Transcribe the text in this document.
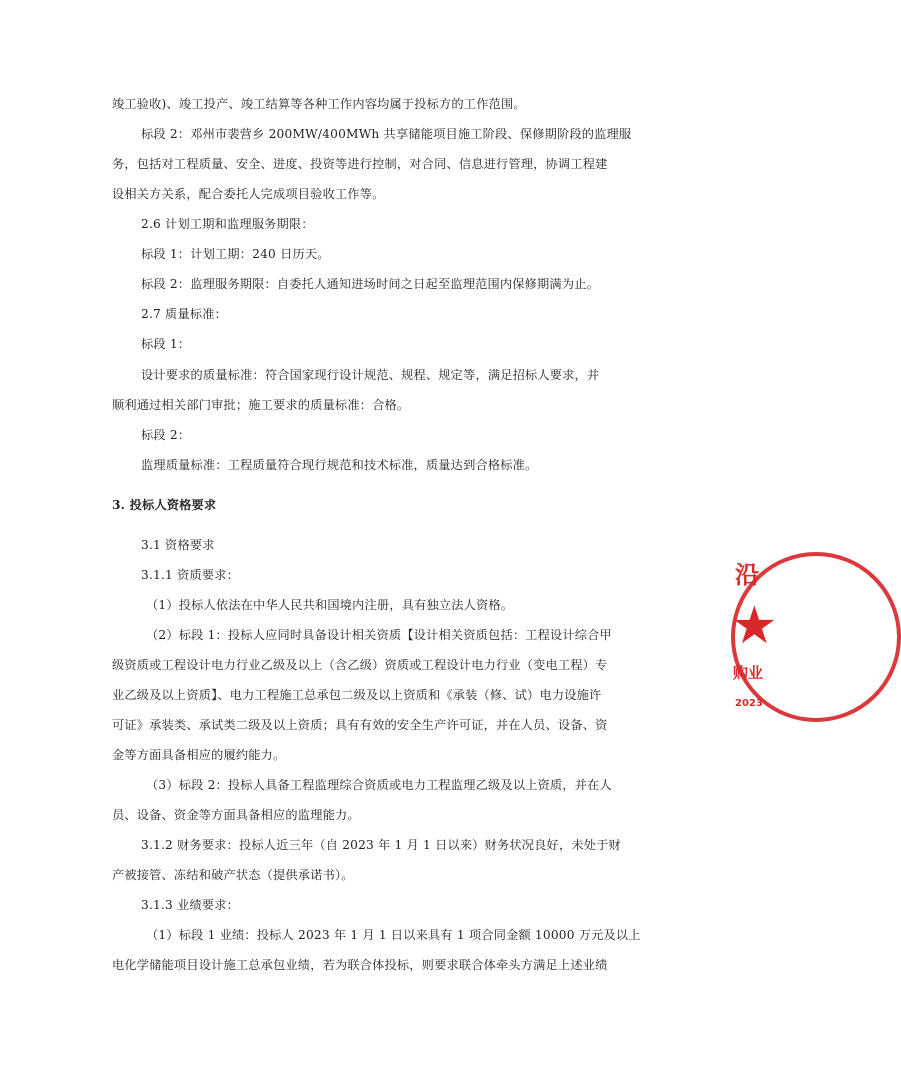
竣工验收)、竣工投产、竣工结算等各种工作内容均属于投标方的工作范围。
标段 2：邓州市裴营乡 200MW/400MWh 共享储能项目施工阶段、保修期阶段的监理服
务，包括对工程质量、安全、进度、投资等进行控制，对合同、信息进行管理，协调工程建
设相关方关系，配合委托人完成项目验收工作等。
2.6 计划工期和监理服务期限：
标段 1：计划工期：240 日历天。
标段 2：监理服务期限：自委托人通知进场时间之日起至监理范围内保修期满为止。
2.7 质量标准：
标段 1：
设计要求的质量标准：符合国家现行设计规范、规程、规定等，满足招标人要求，并
顺利通过相关部门审批；施工要求的质量标准：合格。
标段 2：
监理质量标准：工程质量符合现行规范和技术标准，质量达到合格标准。
3. 投标人资格要求
3.1 资格要求
3.1.1 资质要求：
（1）投标人依法在中华人民共和国境内注册，具有独立法人资格。
（2）标段 1：投标人应同时具备设计相关资质【设计相关资质包括：工程设计综合甲
级资质或工程设计电力行业乙级及以上（含乙级）资质或工程设计电力行业（变电工程）专
业乙级及以上资质】、电力工程施工总承包二级及以上资质和《承装（修、试）电力设施许
可证》承装类、承试类二级及以上资质；具有有效的安全生产许可证，并在人员、设备、资
金等方面具备相应的履约能力。
（3）标段 2：投标人具备工程监理综合资质或电力工程监理乙级及以上资质，并在人
员、设备、资金等方面具备相应的监理能力。
3.1.2 财务要求：投标人近三年（自 2023 年 1 月 1 日以来）财务状况良好，未处于财
产被接管、冻结和破产状态（提供承诺书）。
3.1.3 业绩要求：
（1）标段 1 业绩：投标人 2023 年 1 月 1 日以来具有 1 项合同金额 10000 万元及以上
电化学储能项目设计施工总承包业绩，若为联合体投标，则要求联合体牵头方满足上述业绩
沿
★
购业
2023
